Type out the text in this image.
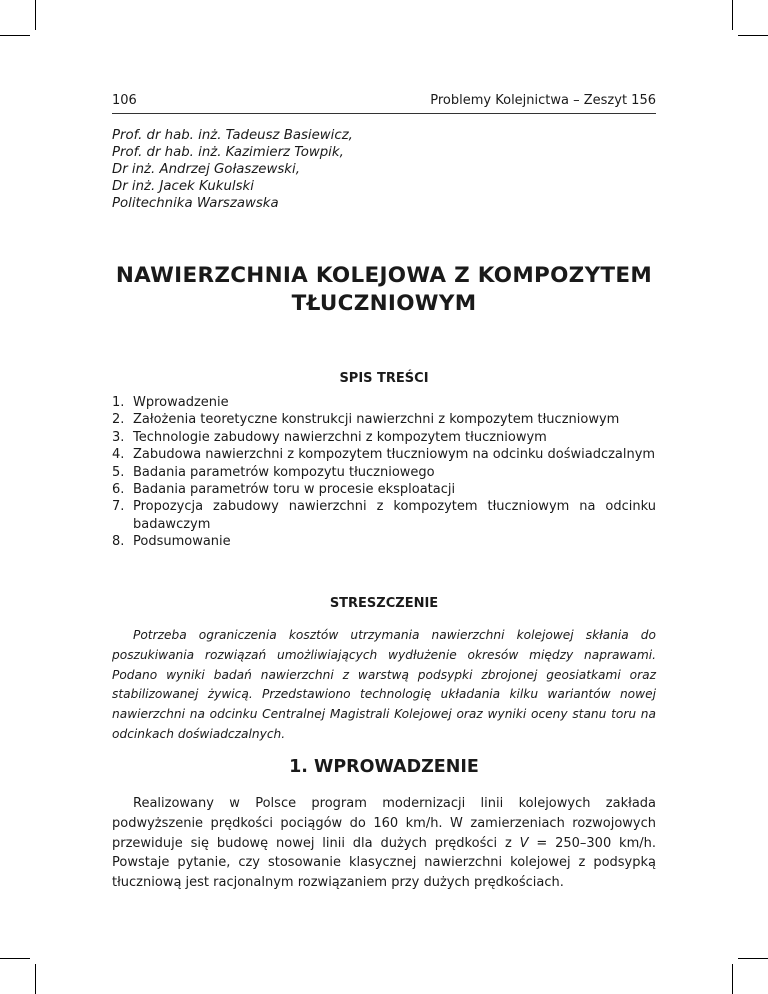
106	Problemy Kolejnictwa – Zeszyt 156
Prof. dr hab. inż. Tadeusz Basiewicz,
Prof. dr hab. inż. Kazimierz Towpik,
Dr inż. Andrzej Gołaszewski,
Dr inż. Jacek Kukulski
Politechnika Warszawska
NAWIERZCHNIA KOLEJOWA Z KOMPOZYTEM
TŁUCZNIOWYM
SPIS TREŚCI
1. Wprowadzenie
2. Założenia teoretyczne konstrukcji nawierzchni z kompozytem tłuczniowym
3. Technologie zabudowy nawierzchni z kompozytem tłuczniowym
4. Zabudowa nawierzchni z kompozytem tłuczniowym na odcinku doświadczalnym
5. Badania parametrów kompozytu tłuczniowego
6. Badania parametrów toru w procesie eksploatacji
7. Propozycja zabudowy nawierzchni z kompozytem tłuczniowym na odcinku badawczym
8. Podsumowanie
STRESZCZENIE

Potrzeba ograniczenia kosztów utrzymania nawierzchni kolejowej skłania do poszukiwania rozwiązań umożliwiających wydłużenie okresów między naprawami. Podano wyniki badań nawierzchni z warstwą podsypki zbrojonej geosiatkami oraz stabilizowanej żywicą. Przedstawiono technologię układania kilku wariantów nowej nawierzchni na odcinku Centralnej Magistrali Kolejowej oraz wyniki oceny stanu toru na odcinkach doświadczalnych.

1. WPROWADZENIE

Realizowany w Polsce program modernizacji linii kolejowych zakłada podwyższenie prędkości pociągów do 160 km/h. W zamierzeniach rozwojowych przewiduje się budowę nowej linii dla dużych prędkości z V = 250–300 km/h. Powstaje pytanie, czy stosowanie klasycznej nawierzchni kolejowej z podsypką tłuczniową jest racjonalnym rozwiązaniem przy dużych prędkościach.
